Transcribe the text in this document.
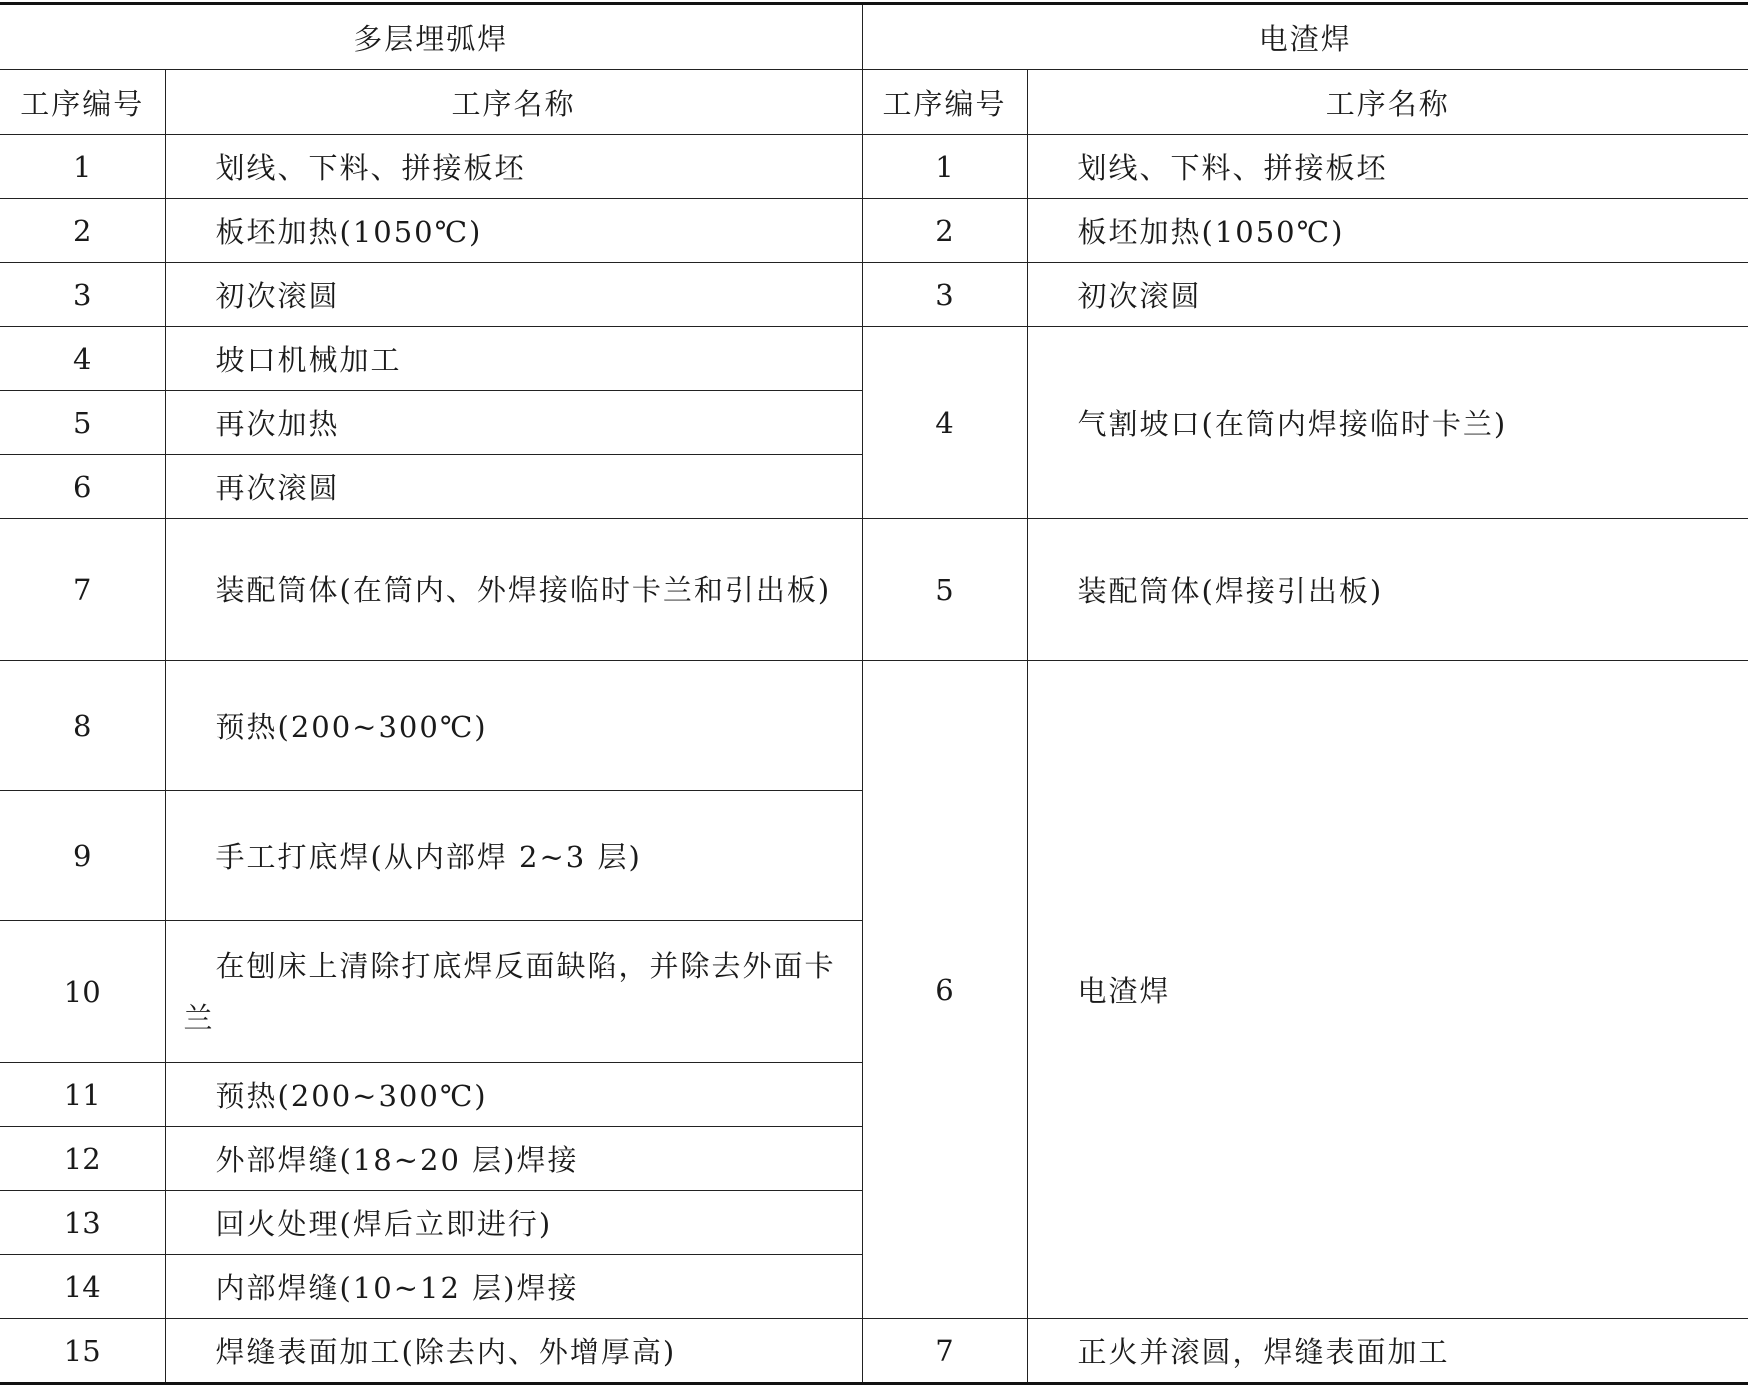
多层埋弧焊		电渣焊	
工序编号	工序名称	工序编号	工序名称
1	划线、下料、拼接板坯	1	划线、下料、拼接板坯
2	板坯加热(1050℃)	2	板坯加热(1050℃)
3	初次滚圆	3	初次滚圆
4	坡口机械加工	4	气割坡口(在筒内焊接临时卡兰)
5	再次加热		
6	再次滚圆		
7	装配筒体(在筒内、外焊接临时卡兰和引出板)	5	装配筒体(焊接引出板)
8	预热(200~300℃)	6	电渣焊
9	手工打底焊(从内部焊 2~3 层)		
10	在刨床上清除打底焊反面缺陷，并除去外面卡兰		
11	预热(200~300℃)		
12	外部焊缝(18~20 层)焊接		
13	回火处理(焊后立即进行)		
14	内部焊缝(10~12 层)焊接		
15	焊缝表面加工(除去内、外增厚高)	7	正火并滚圆，焊缝表面加工
